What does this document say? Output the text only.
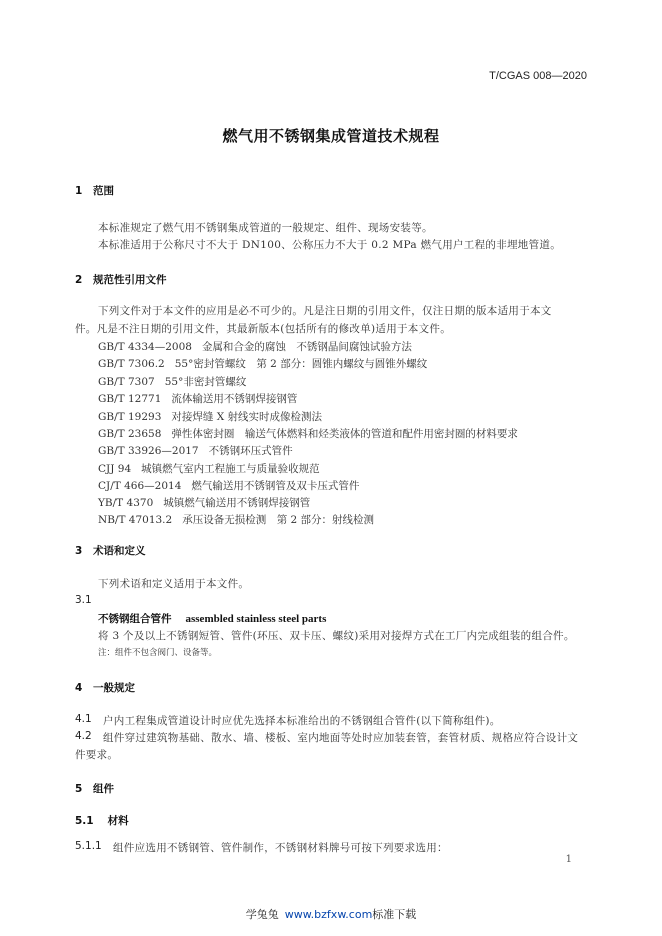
T/CGAS 008—2020
燃气用不锈钢集成管道技术规程
1 范围
本标准规定了燃气用不锈钢集成管道的一般规定、组件、现场安装等。
本标准适用于公称尺寸不大于 DN100、公称压力不大于 0.2 MPa 燃气用户工程的非埋地管道。
2 规范性引用文件
下列文件对于本文件的应用是必不可少的。凡是注日期的引用文件，仅注日期的版本适用于本文
件。凡是不注日期的引用文件，其最新版本(包括所有的修改单)适用于本文件。
GB/T 4334—2008 金属和合金的腐蚀　不锈钢晶间腐蚀试验方法
GB/T 7306.2 55°密封管螺纹　第 2 部分：圆锥内螺纹与圆锥外螺纹
GB/T 7307 55°非密封管螺纹
GB/T 12771 流体输送用不锈钢焊接钢管
GB/T 19293 对接焊缝 X 射线实时成像检测法
GB/T 23658 弹性体密封圈　输送气体燃料和烃类液体的管道和配件用密封圈的材料要求
GB/T 33926—2017 不锈钢环压式管件
CJJ 94 城镇燃气室内工程施工与质量验收规范
CJ/T 466—2014 燃气输送用不锈钢管及双卡压式管件
YB/T 4370 城镇燃气输送用不锈钢焊接钢管
NB/T 47013.2 承压设备无损检测　第 2 部分：射线检测
3 术语和定义
下列术语和定义适用于本文件。
3.1
不锈钢组合管件 assembled stainless steel parts
将 3 个及以上不锈钢短管、管件(环压、双卡压、螺纹)采用对接焊方式在工厂内完成组装的组合件。
注：组件不包含阀门、设备等。
4 一般规定
4.1 户内工程集成管道设计时应优先选择本标准给出的不锈钢组合管件(以下简称组件)。
4.2 组件穿过建筑物基础、散水、墙、楼板、室内地面等处时应加装套管，套管材质、规格应符合设计文
件要求。
5 组件
5.1 材料
5.1.1 组件应选用不锈钢管、管件制作，不锈钢材料牌号可按下列要求选用：
1
学兔兔 www.bzfxw.com标准下载
